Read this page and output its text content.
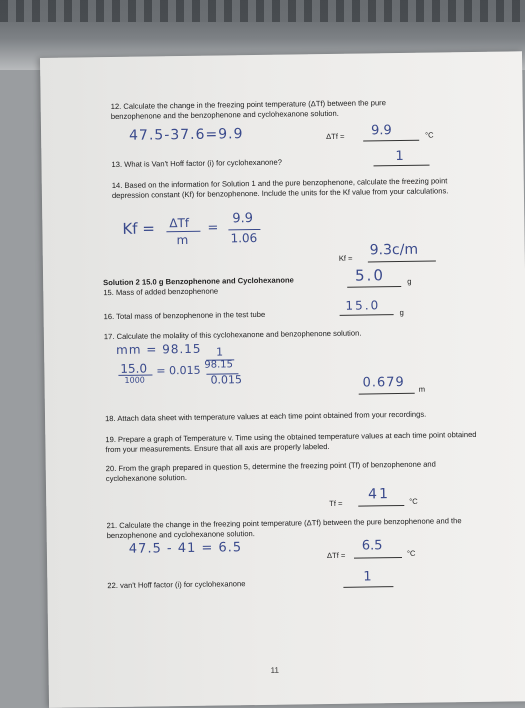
12. Calculate the change in the freezing point temperature (ΔTf) between the pure benzophenone and the benzophenone and cyclohexanone solution.
47.5-37.6=9.9	ΔTf = 9.9	°C
13. What is Van't Hoff factor (i) for cyclohexanone?	1
14. Based on the information for Solution 1 and the pure benzophenone, calculate the freezing point depression constant (Kf) for benzophenone. Include the units for the Kf value from your calculations.
Kf = ΔTf
m
=
9.9
1.06
Kf = 9.3c/m
Solution 2 15.0 g Benzophenone and Cyclohexanone
15. Mass of added benzophenone
5.0	g
16. Total mass of benzophenone in the test tube
15.0	g
17. Calculate the molality of this cyclohexanone and benzophenone solution.
mm = 98.15
15.0
1000
= 0.015
1
98.15
0.015	0.679 m
18. Attach data sheet with temperature values at each time point obtained from your recordings.
19. Prepare a graph of Temperature v. Time using the obtained temperature values at each time point obtained from your measurements. Ensure that all axis are properly labeled.
20. From the graph prepared in question 5, determine the freezing point (Tf) of benzophenone and cyclohexanone solution.
Tf =
41	°C
21. Calculate the change in the freezing point temperature (ΔTf) between the pure benzophenone and the benzophenone and cyclohexanone solution.
47.5 - 41 = 6.5	ΔTf =
6.5	°C
22. van't Hoff factor (i) for cyclohexanone
1
11
